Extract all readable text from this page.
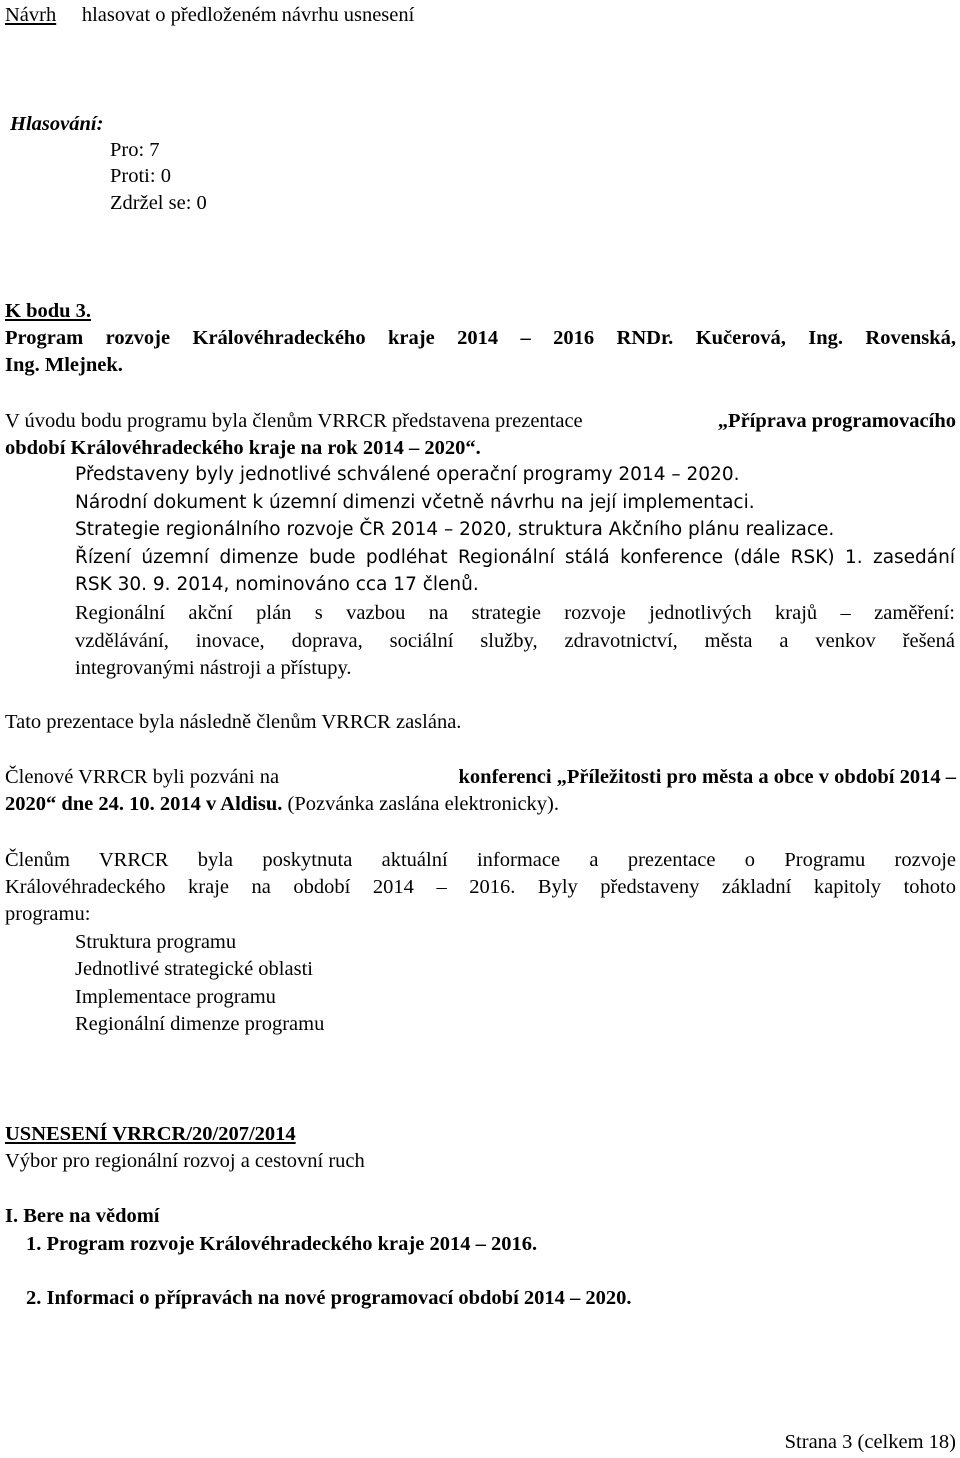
Návrh hlasovat o předloženém návrhu usnesení
Hlasování:
Pro: 7
Proti: 0
Zdržel se: 0
K bodu 3.
Program rozvoje Královéhradeckého kraje 2014 – 2016 RNDr. Kučerová, Ing. Rovenská,
Ing. Mlejnek.
V úvodu bodu programu byla členům VRRCR představena prezentace	„Příprava programovacího
období Královéhradeckého kraje na rok 2014 – 2020“.
Představeny byly jednotlivé schválené operační programy 2014 – 2020.
Národní dokument k územní dimenzi včetně návrhu na její implementaci.
Strategie regionálního rozvoje ČR 2014 – 2020, struktura Akčního plánu realizace.
Řízení územní dimenze bude podléhat Regionální stálá konference (dále RSK) 1. zasedání
RSK 30. 9. 2014, nominováno cca 17 členů.
Regionální akční plán s vazbou na strategie rozvoje jednotlivých krajů – zaměření:
vzdělávání, inovace, doprava, sociální služby, zdravotnictví, města a venkov řešená
integrovanými nástroji a přístupy.
Tato prezentace byla následně členům VRRCR zaslána.
Členové VRRCR byli pozváni na	konferenci „Příležitosti pro města a obce v období 2014 –
2020“ dne 24. 10. 2014 v Aldisu. (Pozvánka zaslána elektronicky).
Členům VRRCR byla poskytnuta aktuální informace a prezentace o Programu rozvoje
Královéhradeckého kraje na období 2014 – 2016. Byly představeny základní kapitoly tohoto
programu:
Struktura programu
Jednotlivé strategické oblasti
Implementace programu
Regionální dimenze programu
USNESENÍ VRRCR/20/207/2014
Výbor pro regionální rozvoj a cestovní ruch
I. Bere na vědomí
1. Program rozvoje Královéhradeckého kraje 2014 – 2016.
2. Informaci o přípravách na nové programovací období 2014 – 2020.
Strana 3 (celkem 18)
